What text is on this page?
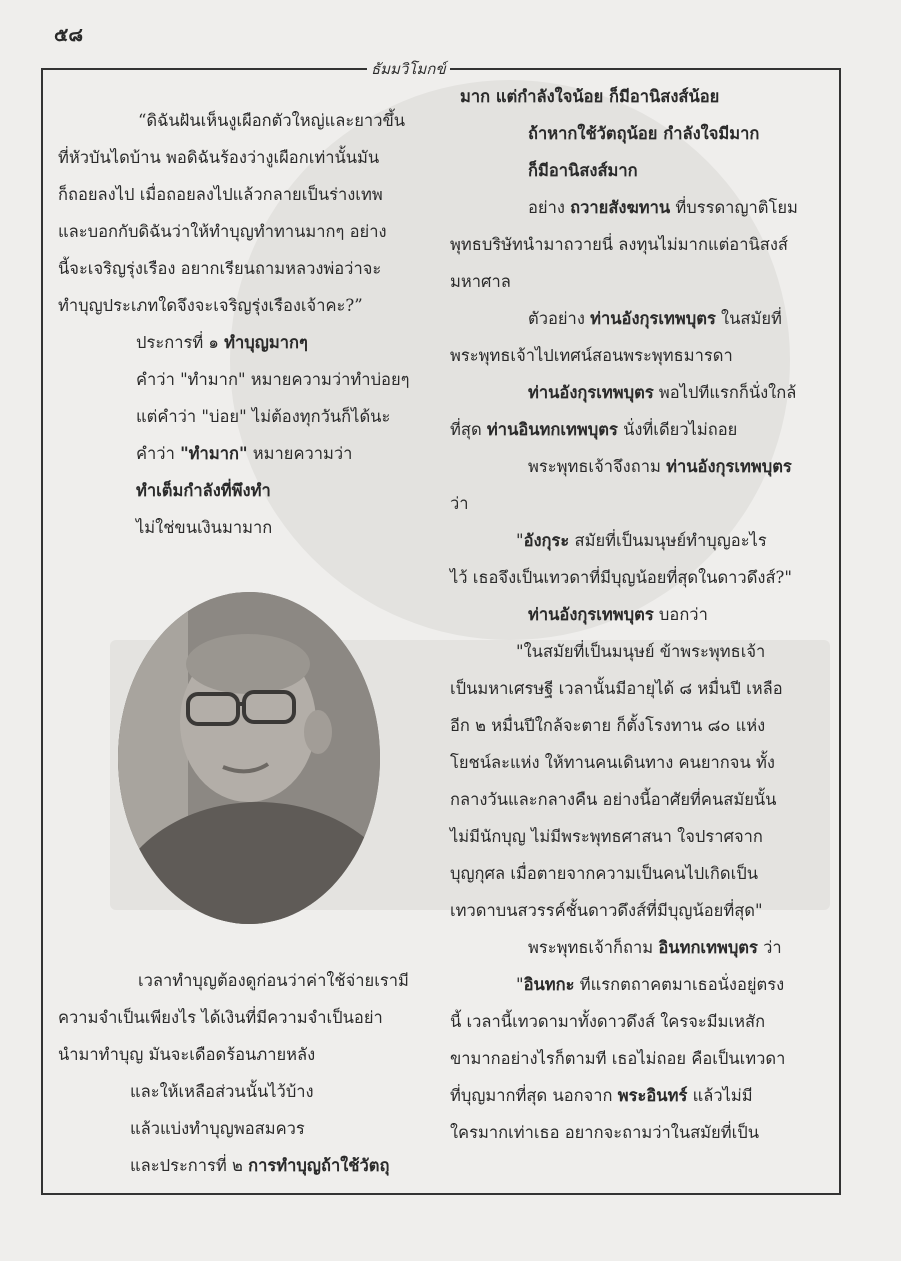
๕๘
ธัมมวิโมกข์

“ดิฉันฝันเห็นงูเผือกตัวใหญ่และยาวขึ้น

ที่หัวบันไดบ้าน พอดิฉันร้องว่างูเผือกเท่านั้นมัน

ก็ถอยลงไป เมื่อถอยลงไปแล้วกลายเป็นร่างเทพ

และบอกกับดิฉันว่าให้ทำบุญทำทานมากๆ อย่าง

นี้จะเจริญรุ่งเรือง อยากเรียนถามหลวงพ่อว่าจะ

ทำบุญประเภทใดจึงจะเจริญรุ่งเรืองเจ้าคะ?”

ประการที่ ๑ ทำบุญมากๆ

คำว่า "ทำมาก" หมายความว่าทำบ่อยๆ

แต่คำว่า "บ่อย" ไม่ต้องทุกวันก็ได้นะ

คำว่า "ทำมาก" หมายความว่า

ทำเต็มกำลังที่พึงทำ

ไม่ใช่ขนเงินมามาก

เวลาทำบุญต้องดูก่อนว่าค่าใช้จ่ายเรามี

ความจำเป็นเพียงไร ได้เงินที่มีความจำเป็นอย่า

นำมาทำบุญ มันจะเดือดร้อนภายหลัง

และให้เหลือส่วนนั้นไว้บ้าง

แล้วแบ่งทำบุญพอสมควร

และประการที่ ๒ การทำบุญถ้าใช้วัตถุ

มาก แต่กำลังใจน้อย ก็มีอานิสงส์น้อย

ถ้าหากใช้วัตถุน้อย กำลังใจมีมาก

ก็มีอานิสงส์มาก

อย่าง ถวายสังฆทาน ที่บรรดาญาติโยม

พุทธบริษัทนำมาถวายนี่ ลงทุนไม่มากแต่อานิสงส์

มหาศาล

ตัวอย่าง ท่านอังกุรเทพบุตร ในสมัยที่

พระพุทธเจ้าไปเทศน์สอนพระพุทธมารดา

ท่านอังกุรเทพบุตร พอไปทีแรกก็นั่งใกล้

ที่สุด ท่านอินทกเทพบุตร นั่งที่เดียวไม่ถอย

พระพุทธเจ้าจึงถาม ท่านอังกุรเทพบุตร

ว่า

"อังกุระ สมัยที่เป็นมนุษย์ทำบุญอะไร

ไว้ เธอจึงเป็นเทวดาที่มีบุญน้อยที่สุดในดาวดึงส์?"

ท่านอังกุรเทพบุตร บอกว่า

"ในสมัยที่เป็นมนุษย์ ข้าพระพุทธเจ้า

เป็นมหาเศรษฐี เวลานั้นมีอายุได้ ๘ หมื่นปี เหลือ

อีก ๒ หมื่นปีใกล้จะตาย ก็ตั้งโรงทาน ๘๐ แห่ง

โยชน์ละแห่ง ให้ทานคนเดินทาง คนยากจน ทั้ง

กลางวันและกลางคืน อย่างนี้อาศัยที่คนสมัยนั้น

ไม่มีนักบุญ ไม่มีพระพุทธศาสนา ใจปราศจาก

บุญกุศล เมื่อตายจากความเป็นคนไปเกิดเป็น

เทวดาบนสวรรค์ชั้นดาวดึงส์ที่มีบุญน้อยที่สุด"

พระพุทธเจ้าก็ถาม อินทกเทพบุตร ว่า

"อินทกะ ทีแรกตถาคตมาเธอนั่งอยู่ตรง

นี้ เวลานี้เทวดามาทั้งดาวดึงส์ ใครจะมีมเหสัก

ขามากอย่างไรก็ตามที เธอไม่ถอย คือเป็นเทวดา

ที่บุญมากที่สุด นอกจาก พระอินทร์ แล้วไม่มี

ใครมากเท่าเธอ อยากจะถามว่าในสมัยที่เป็น
